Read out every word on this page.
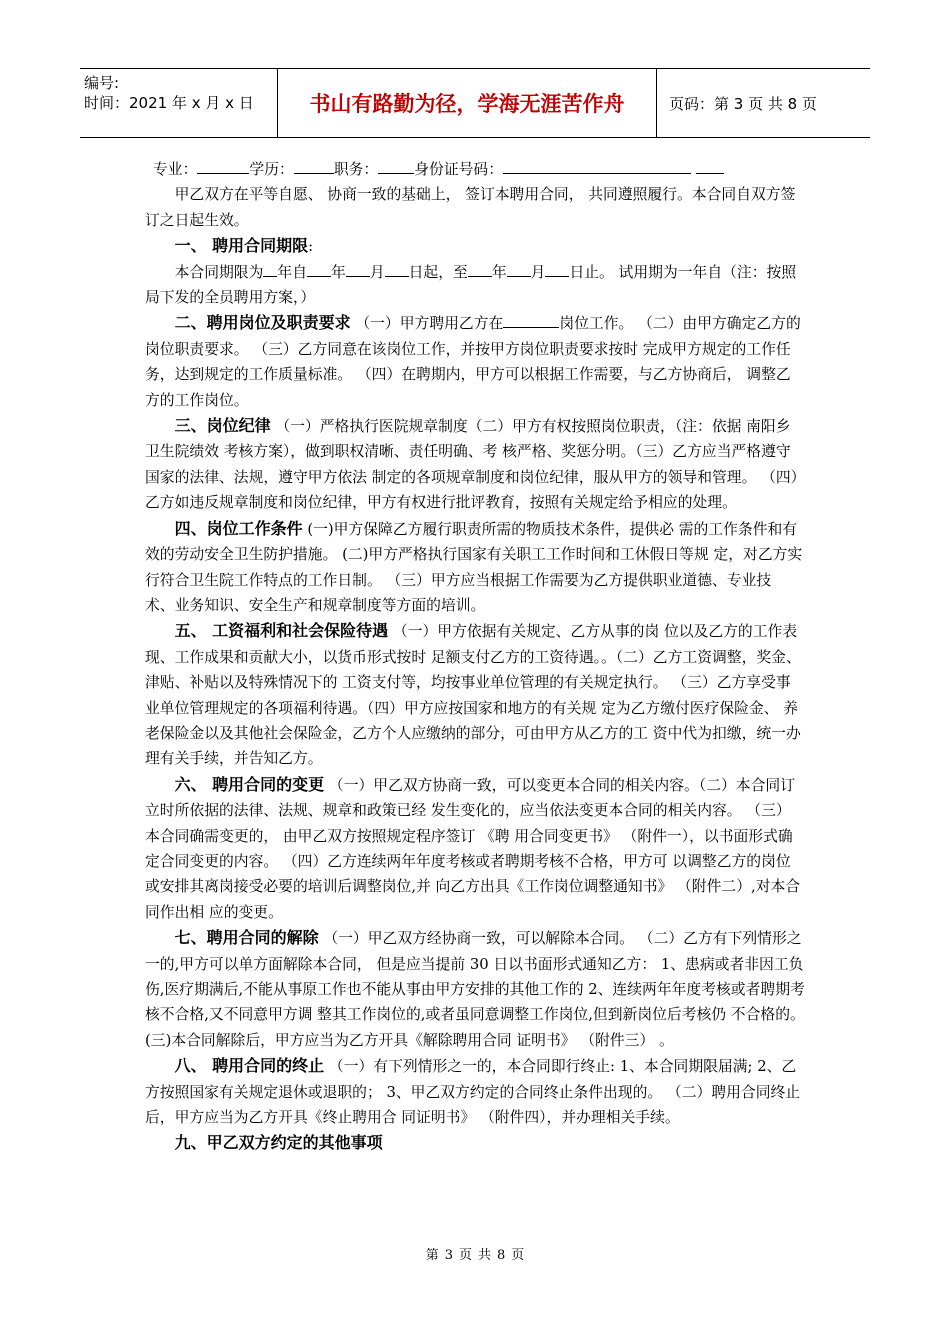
编号:
时间：2021 年 x 月 x 日	书山有路勤为径，学海无涯苦作舟	页码：第 3 页 共 8 页

专业：	学历：	职务： 身份证号码：

甲乙双方在平等自愿、 协商一致的基础上， 签订本聘用合同， 共同遵照履行。本合同自双方签订之日起生效。

一、 聘用合同期限:

本合同期限为 年自 年 月 日起，至 年 月 日止。 试用期为一年自（注：按照局下发的全员聘用方案，）

二、聘用岗位及职责要求 （一）甲方聘用乙方在	岗位工作。 （二）由甲方确定乙方的岗位职责要求。 （三）乙方同意在该岗位工作，并按甲方岗位职责要求按时 完成甲方规定的工作任务，达到规定的工作质量标准。 （四）在聘期内，甲方可以根据工作需要，与乙方协商后， 调整乙方的工作岗位。

三、岗位纪律 （一）严格执行医院规章制度（二）甲方有权按照岗位职责，（注：依据 南阳乡卫生院绩效 考核方案），做到职权清晰、责任明确、考 核严格、奖惩分明。（三）乙方应当严格遵守国家的法律、法规，遵守甲方依法 制定的各项规章制度和岗位纪律，服从甲方的领导和管理。 （四）乙方如违反规章制度和岗位纪律，甲方有权进行批评教育，按照有关规定给予相应的处理。

四、岗位工作条件 (一)甲方保障乙方履行职责所需的物质技术条件，提供必 需的工作条件和有效的劳动安全卫生防护措施。 (二)甲方严格执行国家有关职工工作时间和工休假日等规 定，对乙方实行符合卫生院工作特点的工作日制。 （三）甲方应当根据工作需要为乙方提供职业道德、专业技 术、业务知识、安全生产和规章制度等方面的培训。

五、 工资福利和社会保险待遇 （一）甲方依据有关规定、乙方从事的岗 位以及乙方的工作表现、工作成果和贡献大小，以货币形式按时 足额支付乙方的工资待遇。。（二）乙方工资调整，奖金、津贴、补贴以及特殊情况下的 工资支付等，均按事业单位管理的有关规定执行。 （三）乙方享受事业单位管理规定的各项福利待遇。（四）甲方应按国家和地方的有关规 定为乙方缴付医疗保险金、 养老保险金以及其他社会保险金，乙方个人应缴纳的部分，可由甲方从乙方的工 资中代为扣缴，统一办理有关手续，并告知乙方。

六、 聘用合同的变更 （一）甲乙双方协商一致，可以变更本合同的相关内容。（二）本合同订立时所依据的法律、法规、规章和政策已经 发生变化的，应当依法变更本合同的相关内容。 （三） 本合同确需变更的， 由甲乙双方按照规定程序签订 《聘 用合同变更书》 （附件一），以书面形式确定合同变更的内容。 （四）乙方连续两年年度考核或者聘期考核不合格，甲方可 以调整乙方的岗位或安排其离岗接受必要的培训后调整岗位,并 向乙方出具《工作岗位调整通知书》 （附件二）,对本合同作出相 应的变更。

七、聘用合同的解除 （一）甲乙双方经协商一致，可以解除本合同。 （二）乙方有下列情形之一的,甲方可以单方面解除本合同， 但是应当提前 30 日以书面形式通知乙方： 1、患病或者非因工负伤,医疗期满后,不能从事原工作也不能从事由甲方安排的其他工作的 2、连续两年年度考核或者聘期考核不合格,又不同意甲方调 整其工作岗位的,或者虽同意调整工作岗位,但到新岗位后考核仍 不合格的。(三)本合同解除后，甲方应当为乙方开具《解除聘用合同 证明书》 （附件三） 。

八、 聘用合同的终止 （一）有下列情形之一的，本合同即行终止: 1、本合同期限届满; 2、乙方按照国家有关规定退休或退职的； 3、甲乙双方约定的合同终止条件出现的。 （二）聘用合同终止后，甲方应当为乙方开具《终止聘用合 同证明书》 （附件四），并办理相关手续。

九、甲乙双方约定的其他事项

第 3 页 共 8 页
